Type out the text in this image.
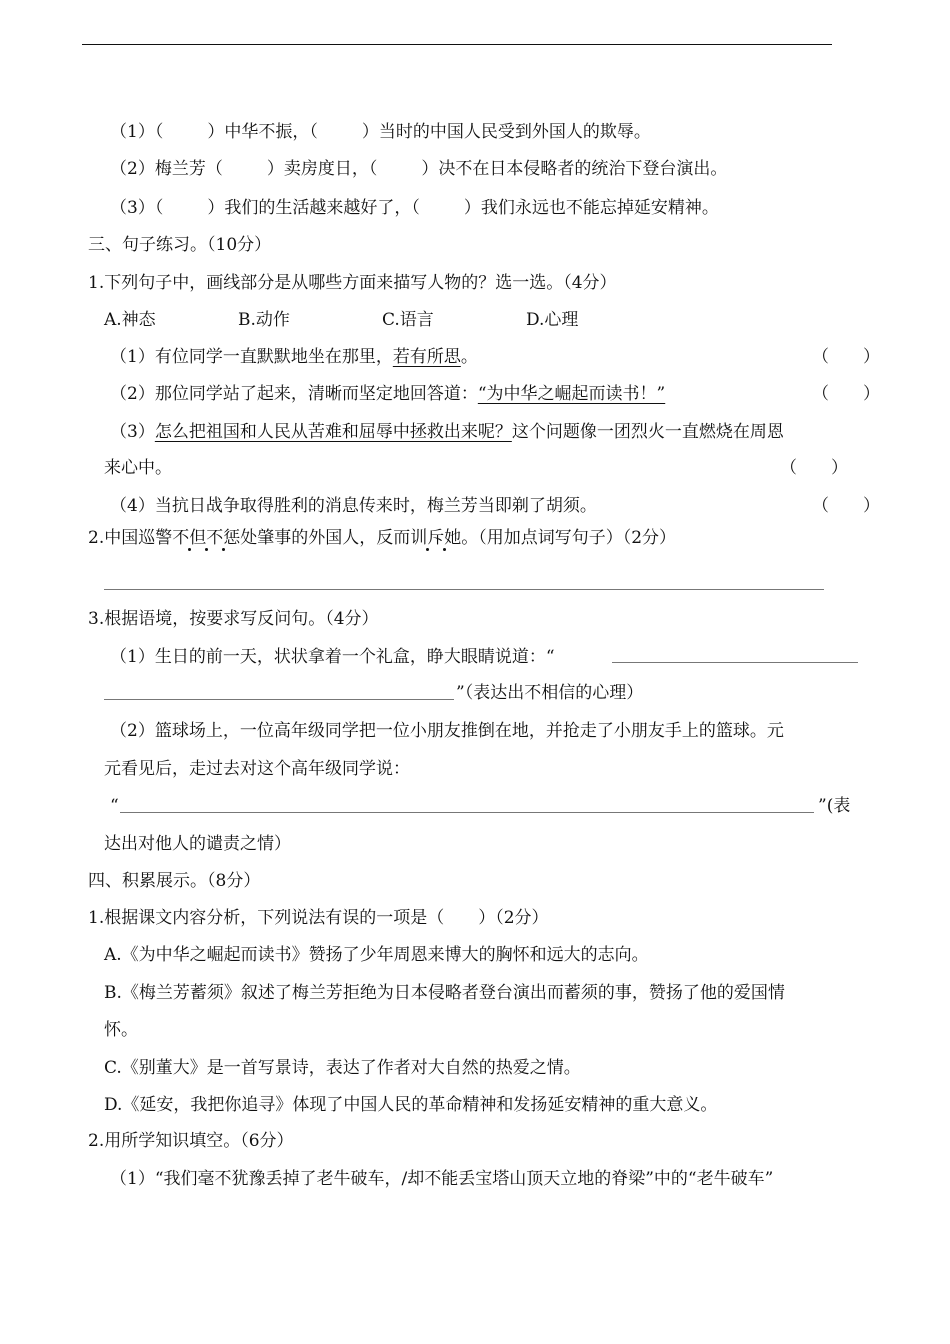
（1）（	）中华不振，（	）当时的中国人民受到外国人的欺辱。
（2）梅兰芳（	）卖房度日，（	）决不在日本侵略者的统治下登台演出。
（3）（	）我们的生活越来越好了，（	）我们永远也不能忘掉延安精神。
三、句子练习。（10分）
1.下列句子中，画线部分是从哪些方面来描写人物的？选一选。（4分）
A.神态	B.动作	C.语言	D.心理
（1）有位同学一直默默地坐在那里，若有所思。	（　　）
（2）那位同学站了起来，清晰而坚定地回答道：“为中华之崛起而读书！”	（　　）
（3）怎么把祖国和人民从苦难和屈辱中拯救出来呢？这个问题像一团烈火一直燃烧在周恩
来心中。	（　　）
（4）当抗日战争取得胜利的消息传来时，梅兰芳当即剃了胡须。	（　　）
2.中国巡警不但不惩处肇事的外国人，反而训斥她。（用加点词写句子）（2分）
3.根据语境，按要求写反问句。（4分）
（1）生日的前一天，状状拿着一个礼盒，睁大眼睛说道：“
”（表达出不相信的心理）
（2）篮球场上，一位高年级同学把一位小朋友推倒在地，并抢走了小朋友手上的篮球。元
元看见后，走过去对这个高年级同学说：
“	”(表
达出对他人的谴责之情）
四、积累展示。（8分）
1.根据课文内容分析，下列说法有误的一项是（　　）（2分）
A.《为中华之崛起而读书》赞扬了少年周恩来博大的胸怀和远大的志向。
B.《梅兰芳蓄须》叙述了梅兰芳拒绝为日本侵略者登台演出而蓄须的事，赞扬了他的爱国情
怀。
C.《别董大》是一首写景诗，表达了作者对大自然的热爱之情。
D.《延安，我把你追寻》体现了中国人民的革命精神和发扬延安精神的重大意义。
2.用所学知识填空。（6分）
（1）“我们毫不犹豫丢掉了老牛破车，/却不能丢宝塔山顶天立地的脊梁”中的“老牛破车”
